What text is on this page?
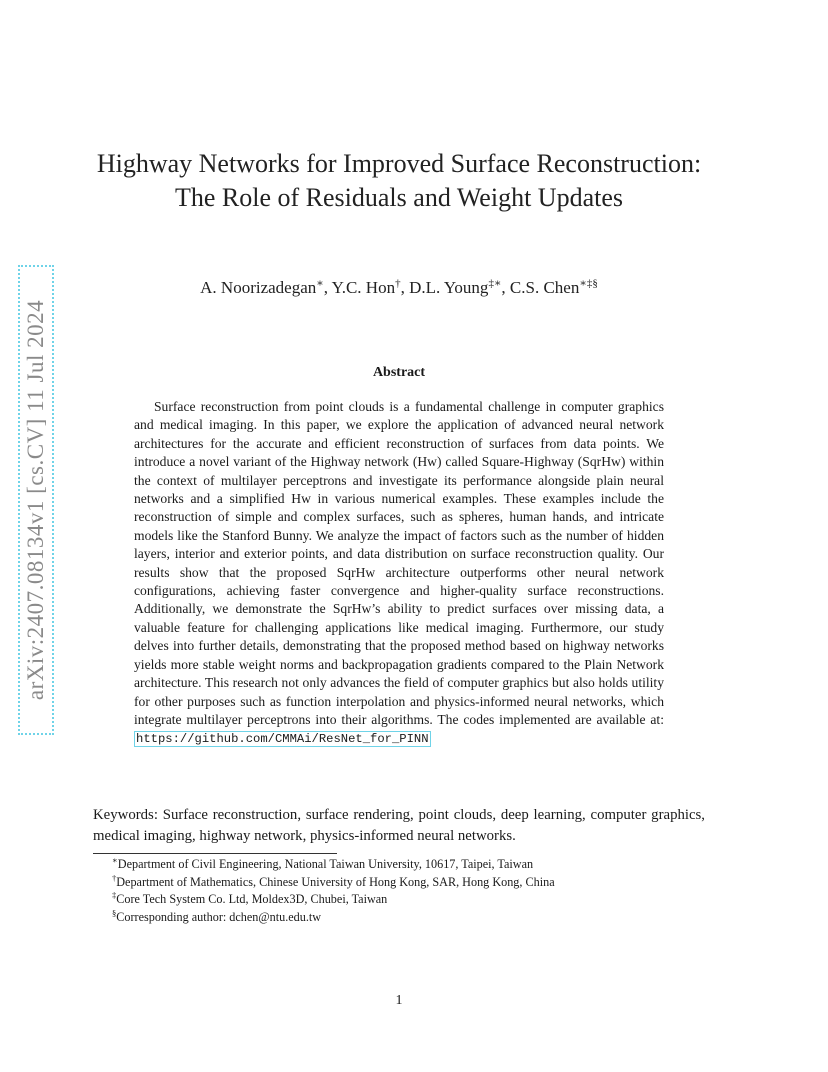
arXiv:2407.08134v1 [cs.CV] 11 Jul 2024
Highway Networks for Improved Surface Reconstruction: The Role of Residuals and Weight Updates
A. Noorizadegan∗, Y.C. Hon†, D.L. Young‡∗, C.S. Chen∗‡§
Abstract

Surface reconstruction from point clouds is a fundamental challenge in computer graphics and medical imaging. In this paper, we explore the application of advanced neural network architectures for the accurate and efficient reconstruction of surfaces from data points. We introduce a novel variant of the Highway network (Hw) called Square-Highway (SqrHw) within the context of multilayer perceptrons and investigate its performance alongside plain neural networks and a simplified Hw in various numerical examples. These examples include the reconstruction of simple and complex surfaces, such as spheres, human hands, and intricate models like the Stanford Bunny. We analyze the impact of factors such as the number of hidden layers, interior and exterior points, and data distribution on surface reconstruction quality. Our results show that the proposed SqrHw architecture outperforms other neural network configurations, achieving faster convergence and higher-quality surface reconstructions. Additionally, we demonstrate the SqrHw’s ability to predict surfaces over missing data, a valuable feature for challenging applications like medical imaging. Furthermore, our study delves into further details, demonstrating that the proposed method based on highway networks yields more stable weight norms and backpropagation gradients compared to the Plain Network architecture. This research not only advances the field of computer graphics but also holds utility for other purposes such as function interpolation and physics-informed neural networks, which integrate multilayer perceptrons into their algorithms. The codes implemented are available at: https://github.com/CMMAi/ResNet_for_PINN

Keywords: Surface reconstruction, surface rendering, point clouds, deep learning, computer graphics, medical imaging, highway network, physics-informed neural networks.

∗Department of Civil Engineering, National Taiwan University, 10617, Taipei, Taiwan
†Department of Mathematics, Chinese University of Hong Kong, SAR, Hong Kong, China
‡Core Tech System Co. Ltd, Moldex3D, Chubei, Taiwan
§Corresponding author: dchen@ntu.edu.tw
1
